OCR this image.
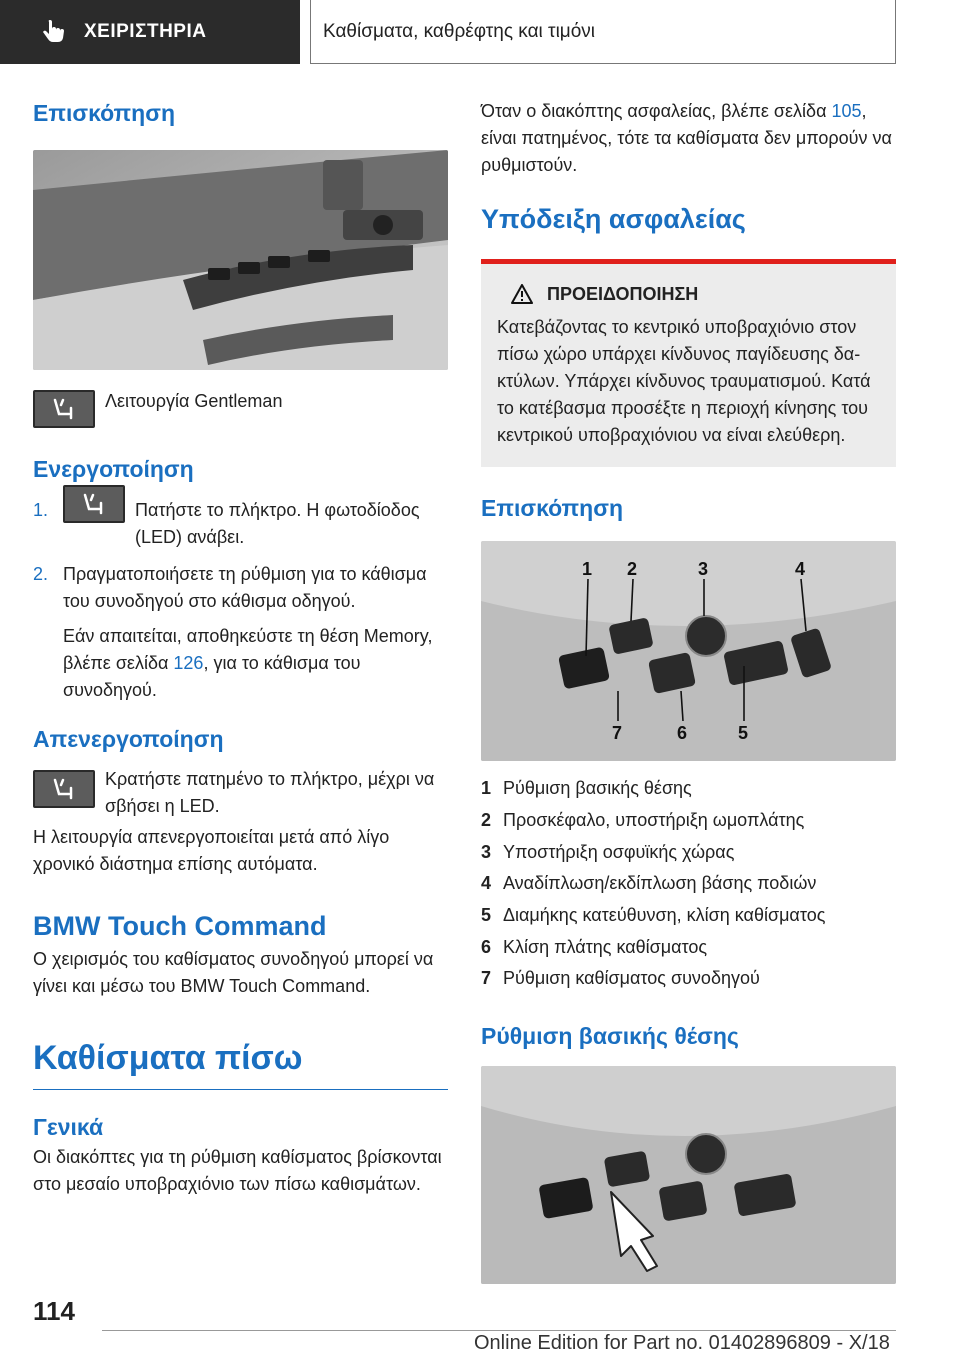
ΧΕΙΡΙΣΤΗΡΙΑ	Καθίσματα, καθρέφτης και τιμόνι
Επισκόπηση
Λειτουργία Gentleman
Ενεργοποίηση
1.	Πατήστε το πλήκτρο. Η φωτοδίοδος (LED) ανάβει.
2. Πραγματοποιήσετε τη ρύθμιση για το κάθισμα του συνοδηγού στο κάθισμα οδηγού.

Εάν απαιτείται, αποθηκεύστε τη θέση Memory, βλέπε σελίδα 126, για το κάθισμα του συνοδηγού.

Απενεργοποίηση
Κρατήστε πατημένο το πλήκτρο, μέχρι να σβήσει η LED.

Η λειτουργία απενεργοποιείται μετά από λίγο χρονικό διάστημα επίσης αυτόματα.

BMW Touch Command

Ο χειρισμός του καθίσματος συνοδηγού μπορεί να γίνει και μέσω του BMW Touch Command.

Καθίσματα πίσω
Γενικά

Οι διακόπτες για τη ρύθμιση καθίσματος βρίσκονται στο μεσαίο υποβραχιόνιο των πίσω καθισμάτων.

Όταν ο διακόπτης ασφαλείας, βλέπε σελίδα 105, είναι πατημένος, τότε τα καθίσματα δεν μπορούν να ρυθμιστούν.

Υπόδειξη ασφαλείας
ΠΡΟΕΙΔΟΠΟΙΗΣΗ

Κατεβάζοντας το κεντρικό υποβραχιόνιο στον πίσω χώρο υπάρχει κίνδυνος παγίδευσης δακτύλων. Υπάρχει κίνδυνος τραυματισμού. Κατά το κατέβασμα προσέξτε η περιοχή κίνησης του κεντρικού υποβραχιόνιου να είναι ελεύθερη.

Επισκόπηση
1 2	3	4
7	6	5
1 Ρύθμιση βασικής θέσης
2 Προσκέφαλο, υποστήριξη ωμοπλάτης
3 Υποστήριξη οσφυϊκής χώρας
4 Αναδίπλωση/εκδίπλωση βάσης ποδιών
5 Διαμήκης κατεύθυνση, κλίση καθίσματος
6 Κλίση πλάτης καθίσματος
7 Ρύθμιση καθίσματος συνοδηγού
Ρύθμιση βασικής θέσης
114
Online Edition for Part no. 01402896809 - X/18
